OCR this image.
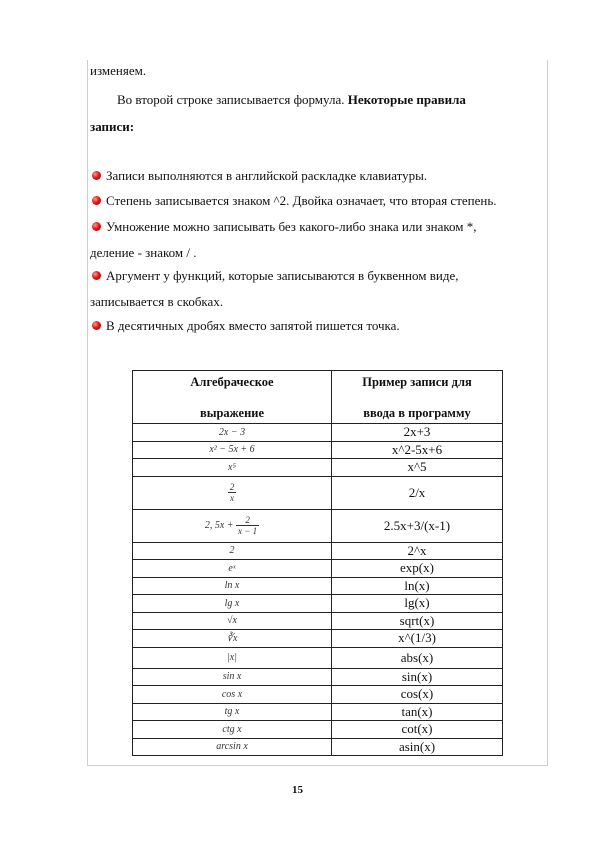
изменяем.
Во второй строке записывается формула. Некоторые правила
записи:
Записи выполняются в английской раскладке клавиатуры.
Степень записывается знаком ^2. Двойка означает, что вторая степень.
Умножение можно записывать без какого-либо знака или знаком *,
деление - знаком / .
Аргумент у функций, которые записываются в буквенном виде,
записывается в скобках.
В десятичных дробях вместо запятой пишется точка.
Алгебраческое
выражение	Пример записи для
ввода в программу

2x − 3	2x+3
x² − 5x + 6	x^2-5x+6
x⁵	x^5

$\frac{2}{x}$	2/x
2, $5x + \frac{2}{x - 1}$	2.5x+3/(x-1)
2	2^x
eˣ	exp(x)
ln x	ln(x)
lg x	lg(x)
√x	sqrt(x)
∛x	x^(1/3)
|x|	abs(x)
sin x	sin(x)
cos x	cos(x)
tg x	tan(x)
ctg x	cot(x)
arcsin x	asin(x)
15
